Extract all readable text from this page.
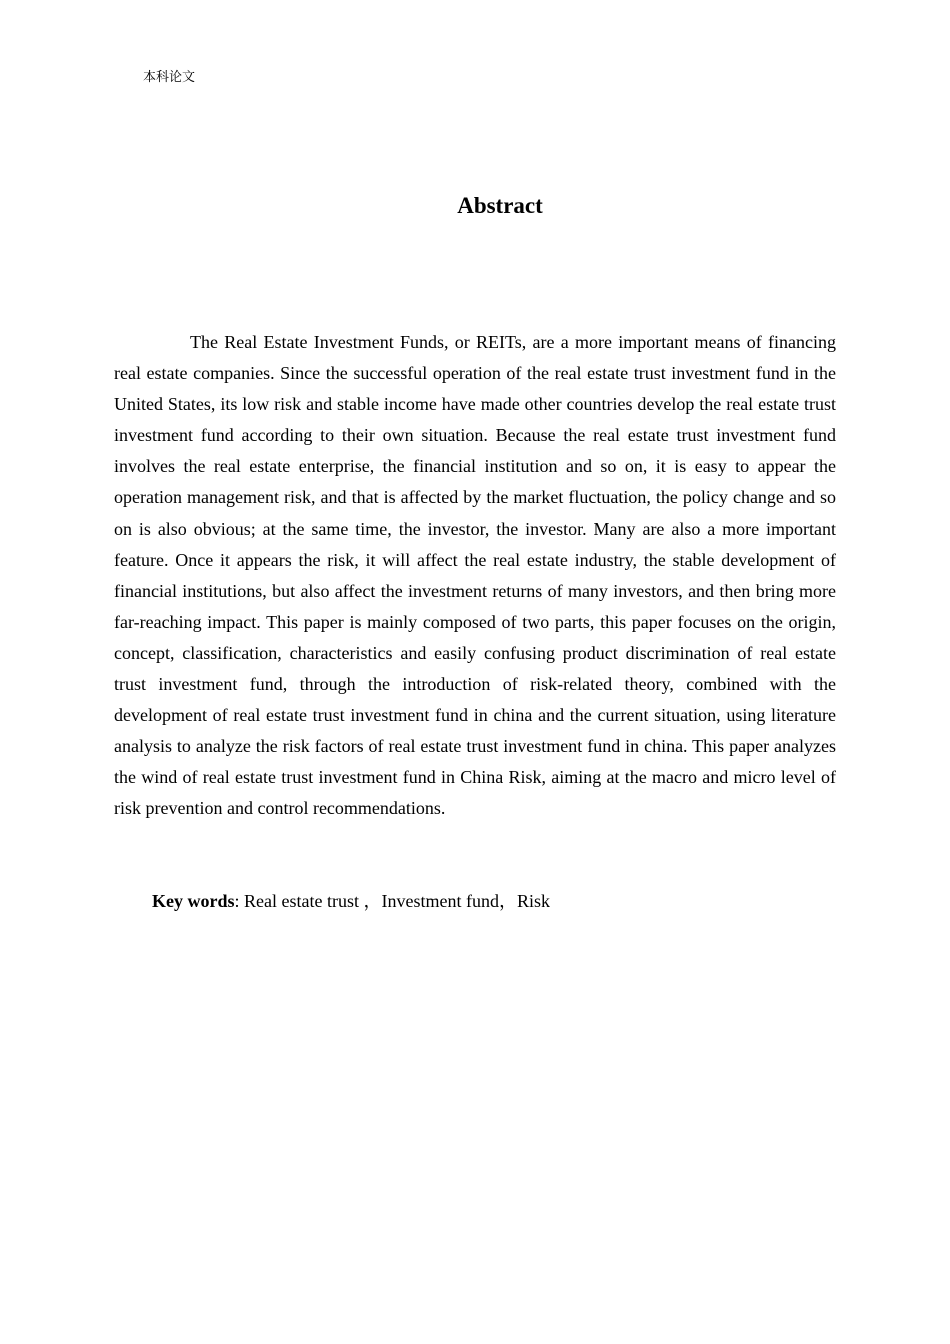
本科论文
Abstract

The Real Estate Investment Funds, or REITs, are a more important means of financing real estate companies. Since the successful operation of the real estate trust investment fund in the United States, its low risk and stable income have made other countries develop the real estate trust investment fund according to their own situation. Because the real estate trust investment fund involves the real estate enterprise, the financial institution and so on, it is easy to appear the operation management risk, and that is affected by the market fluctuation, the policy change and so on is also obvious; at the same time, the investor, the investor. Many are also a more important feature. Once it appears the risk, it will affect the real estate industry, the stable development of financial institutions, but also affect the investment returns of many investors, and then bring more far-reaching impact. This paper is mainly composed of two parts, this paper focuses on the origin, concept, classification, characteristics and easily confusing product discrimination of real estate trust investment fund, through the introduction of risk-related theory, combined with the development of real estate trust investment fund in china and the current situation, using literature analysis to analyze the risk factors of real estate trust investment fund in china. This paper analyzes the wind of real estate trust investment fund in China Risk, aiming at the macro and micro level of risk prevention and control recommendations.

Key words: Real estate trust ，Investment fund，Risk
